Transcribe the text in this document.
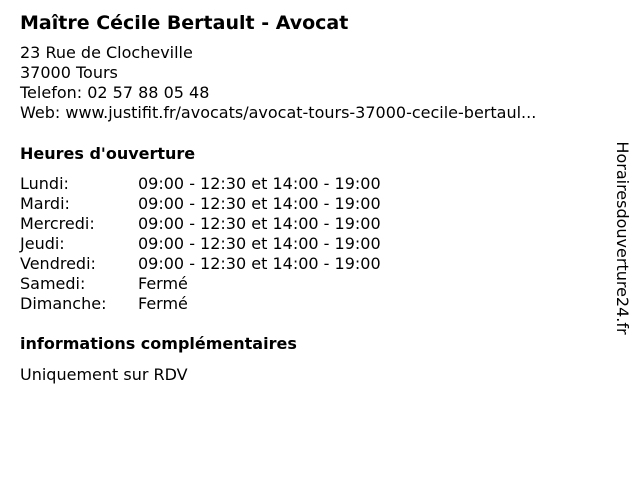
Maître Cécile Bertault - Avocat
23 Rue de Clocheville
37000 Tours
Telefon: 02 57 88 05 48
Web: www.justifit.fr/avocats/avocat-tours-37000-cecile-bertaul...
Heures d'ouverture
Lundi:	09:00 - 12:30 et 14:00 - 19:00
Mardi:	09:00 - 12:30 et 14:00 - 19:00
Mercredi:	09:00 - 12:30 et 14:00 - 19:00
Jeudi:	09:00 - 12:30 et 14:00 - 19:00
Vendredi:	09:00 - 12:30 et 14:00 - 19:00
Samedi:	Fermé
Dimanche:	Fermé
informations complémentaires
Uniquement sur RDV
Horairesdouverture24.fr
